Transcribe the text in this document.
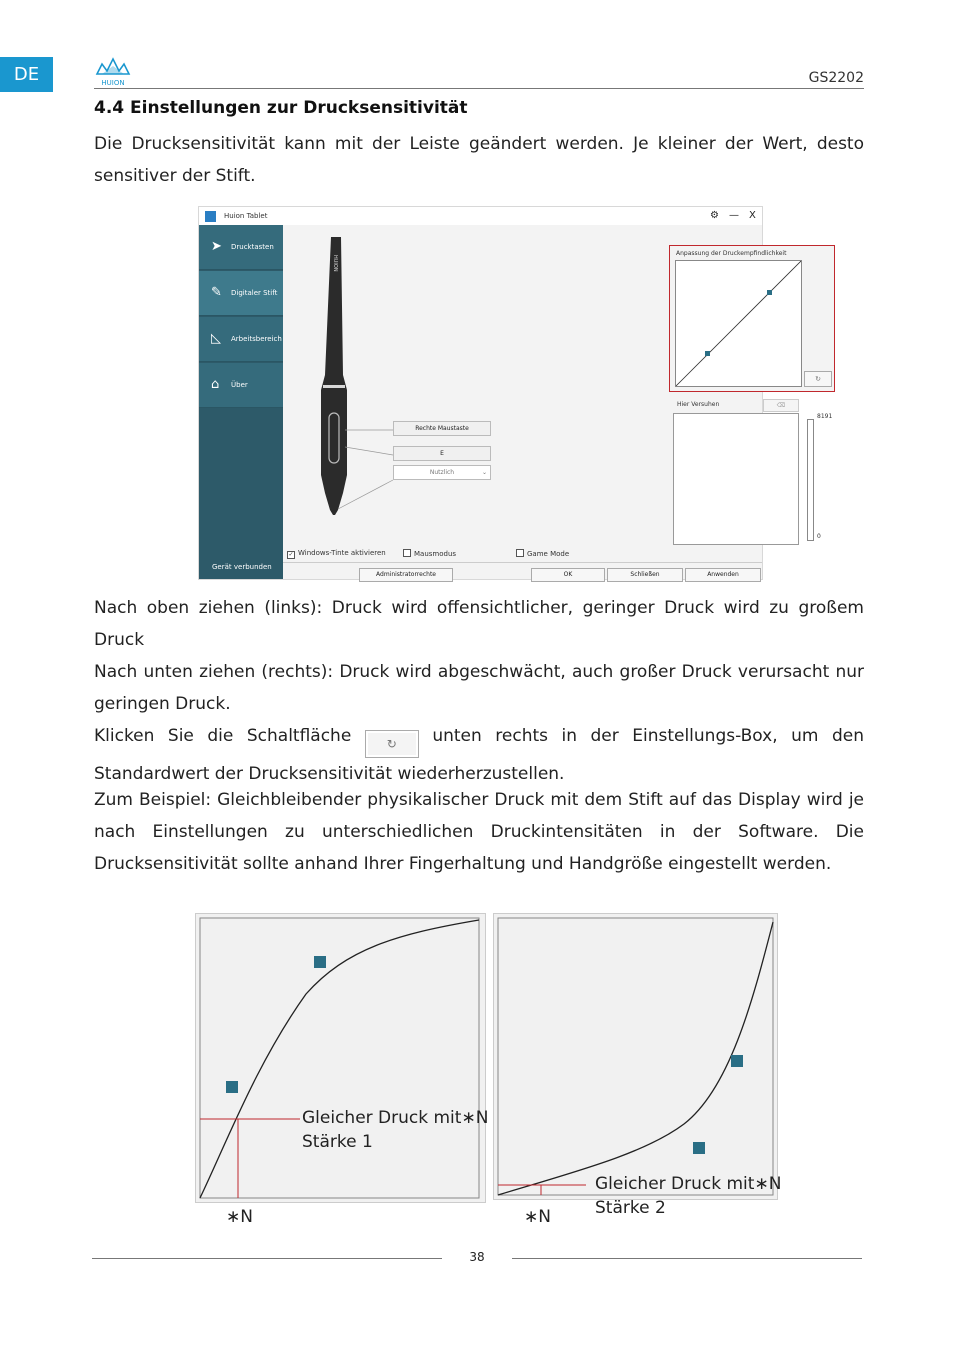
DE	HUION	GS2202
4.4 Einstellungen zur Drucksensitivität
Die Drucksensitivität kann mit der Leiste geändert werden. Je kleiner der Wert, desto sensitiver der Stift.
Huion Tablet	⚙ — X
➤ Drucktasten
✎ Digitaler Stift
◺ Arbeitsbereich
⌂ Über
Gerät verbunden
HUION
Rechte Maustaste
E
Nutzlich	⌄
Anpassung der Druckempfindlichkeit
↻
Hier Versuhen	⌫
8191
0
✓ Windows-Tinte aktivieren	Mausmodus	Game Mode
Administratorrechte	OK	Schließen	Anwenden
Nach oben ziehen (links): Druck wird offensichtlicher, geringer Druck wird zu großem Druck
Nach unten ziehen (rechts): Druck wird abgeschwächt, auch großer Druck verursacht nur geringen Druck.
Klicken Sie die Schaltfläche	↻ unten rechts in der Einstellungs-Box, um den Standardwert der Drucksensitivität wiederherzustellen.
Zum Beispiel: Gleichbleibender physikalischer Druck mit dem Stift auf das Display wird je nach Einstellungen zu unterschiedlichen Druckintensitäten in der Software. Die Drucksensitivität sollte anhand Ihrer Fingerhaltung und Handgröße eingestellt werden.
Gleicher Druck mit∗N
Stärke 1
∗N
Gleicher Druck mit∗N
Stärke 2
∗N
38
